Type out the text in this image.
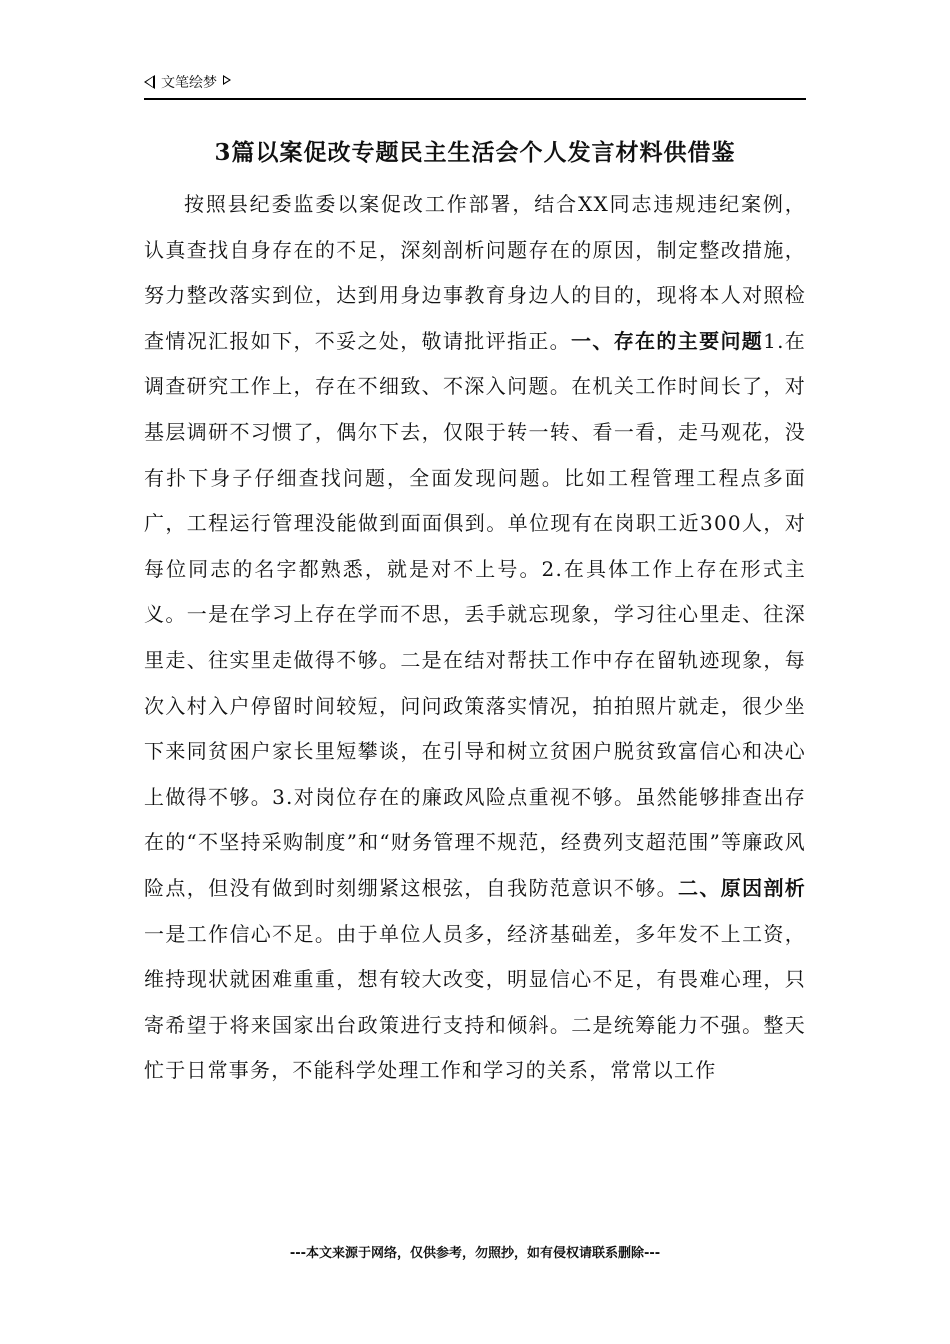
文笔绘梦
3篇以案促改专题民主生活会个人发言材料供借鉴

按照县纪委监委以案促改工作部署，结合XX同志违规违纪案例，认真查找自身存在的不足，深刻剖析问题存在的原因，制定整改措施，努力整改落实到位，达到用身边事教育身边人的目的，现将本人对照检查情况汇报如下，不妥之处，敬请批评指正。一、存在的主要问题1.在调查研究工作上，存在不细致、不深入问题。在机关工作时间长了，对基层调研不习惯了，偶尔下去，仅限于转一转、看一看，走马观花，没有扑下身子仔细查找问题，全面发现问题。比如工程管理工程点多面广，工程运行管理没能做到面面俱到。单位现有在岗职工近300人，对每位同志的名字都熟悉，就是对不上号。2.在具体工作上存在形式主义。一是在学习上存在学而不思，丢手就忘现象，学习往心里走、往深里走、往实里走做得不够。二是在结对帮扶工作中存在留轨迹现象，每次入村入户停留时间较短，问问政策落实情况，拍拍照片就走，很少坐下来同贫困户家长里短攀谈，在引导和树立贫困户脱贫致富信心和决心上做得不够。3.对岗位存在的廉政风险点重视不够。虽然能够排查出存在的“不坚持采购制度”和“财务管理不规范，经费列支超范围”等廉政风险点，但没有做到时刻绷紧这根弦，自我防范意识不够。二、原因剖析一是工作信心不足。由于单位人员多，经济基础差，多年发不上工资，维持现状就困难重重，想有较大改变，明显信心不足，有畏难心理，只寄希望于将来国家出台政策进行支持和倾斜。二是统筹能力不强。整天忙于日常事务，不能科学处理工作和学习的关系，常常以工作

---本文来源于网络，仅供参考，勿照抄，如有侵权请联系删除---
